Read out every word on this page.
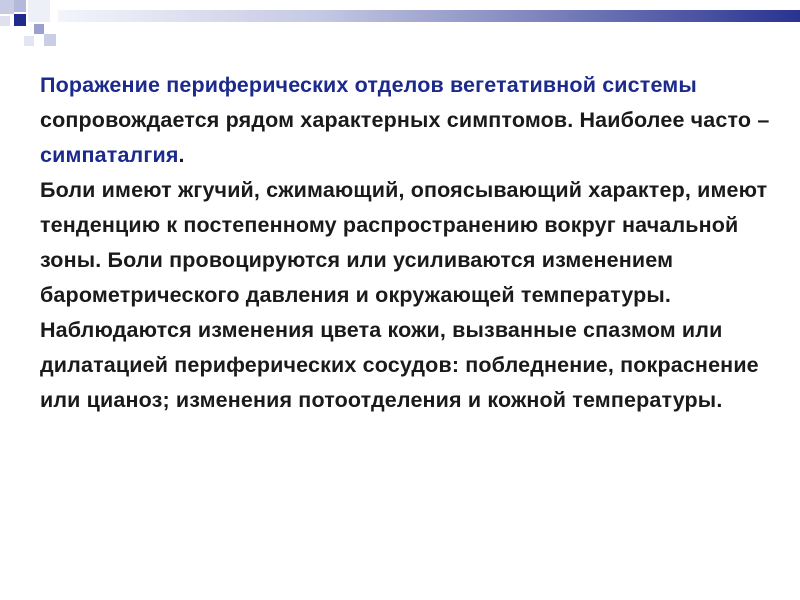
Поражение периферических отделов вегетативной системы сопровождается рядом характерных симптомов. Наиболее часто – симпаталгия.
Боли имеют жгучий, сжимающий, опоясывающий характер, имеют тенденцию к постепенному распространению вокруг начальной зоны. Боли провоцируются или усиливаются изменением барометрического давления и окружающей температуры. Наблюдаются изменения цвета кожи, вызванные спазмом или дилатацией периферических сосудов: побледнение, покраснение или цианоз; изменения потоотделения и кожной температуры.
